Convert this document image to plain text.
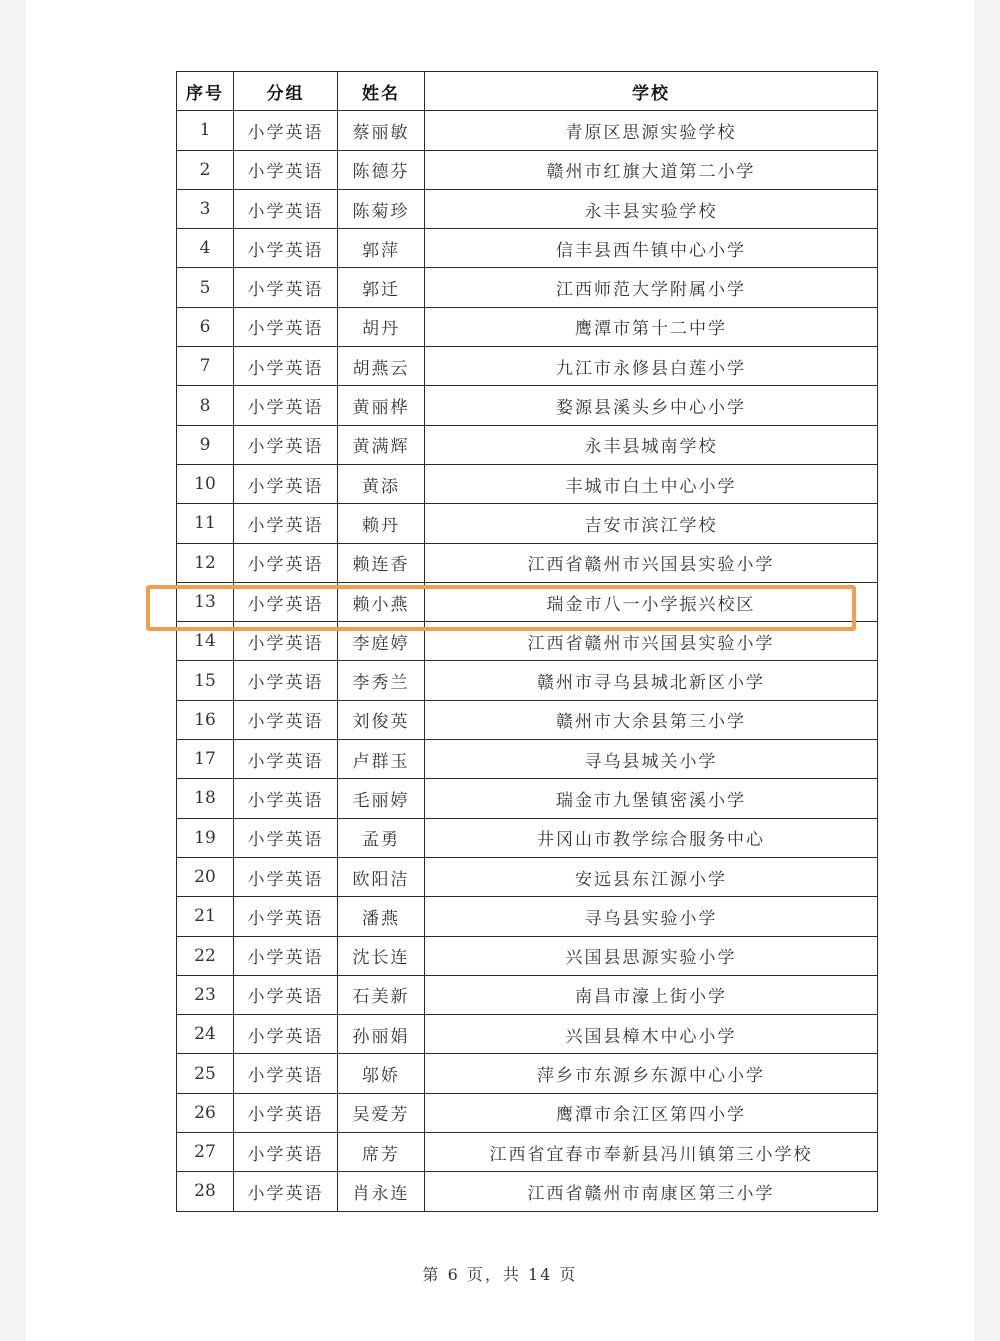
序号	分组	姓名	学校
1	小学英语	蔡丽敏	青原区思源实验学校
2	小学英语	陈德芬	赣州市红旗大道第二小学
3	小学英语	陈菊珍	永丰县实验学校
4	小学英语	郭萍	信丰县西牛镇中心小学
5	小学英语	郭迁	江西师范大学附属小学
6	小学英语	胡丹	鹰潭市第十二中学
7	小学英语	胡燕云	九江市永修县白莲小学
8	小学英语	黄丽桦	婺源县溪头乡中心小学
9	小学英语	黄满辉	永丰县城南学校
10	小学英语	黄添	丰城市白土中心小学
11	小学英语	赖丹	吉安市滨江学校
12	小学英语	赖连香	江西省赣州市兴国县实验小学
13	小学英语	赖小燕	瑞金市八一小学振兴校区
14	小学英语	李庭婷	江西省赣州市兴国县实验小学
15	小学英语	李秀兰	赣州市寻乌县城北新区小学
16	小学英语	刘俊英	赣州市大余县第三小学
17	小学英语	卢群玉	寻乌县城关小学
18	小学英语	毛丽婷	瑞金市九堡镇密溪小学
19	小学英语	孟勇	井冈山市教学综合服务中心
20	小学英语	欧阳洁	安远县东江源小学
21	小学英语	潘燕	寻乌县实验小学
22	小学英语	沈长连	兴国县思源实验小学
23	小学英语	石美新	南昌市濠上街小学
24	小学英语	孙丽娟	兴国县樟木中心小学
25	小学英语	邬娇	萍乡市东源乡东源中心小学
26	小学英语	吴爱芳	鹰潭市余江区第四小学
27	小学英语	席芳	江西省宜春市奉新县冯川镇第三小学校
28	小学英语	肖永连	江西省赣州市南康区第三小学
第 6 页，共 14 页
